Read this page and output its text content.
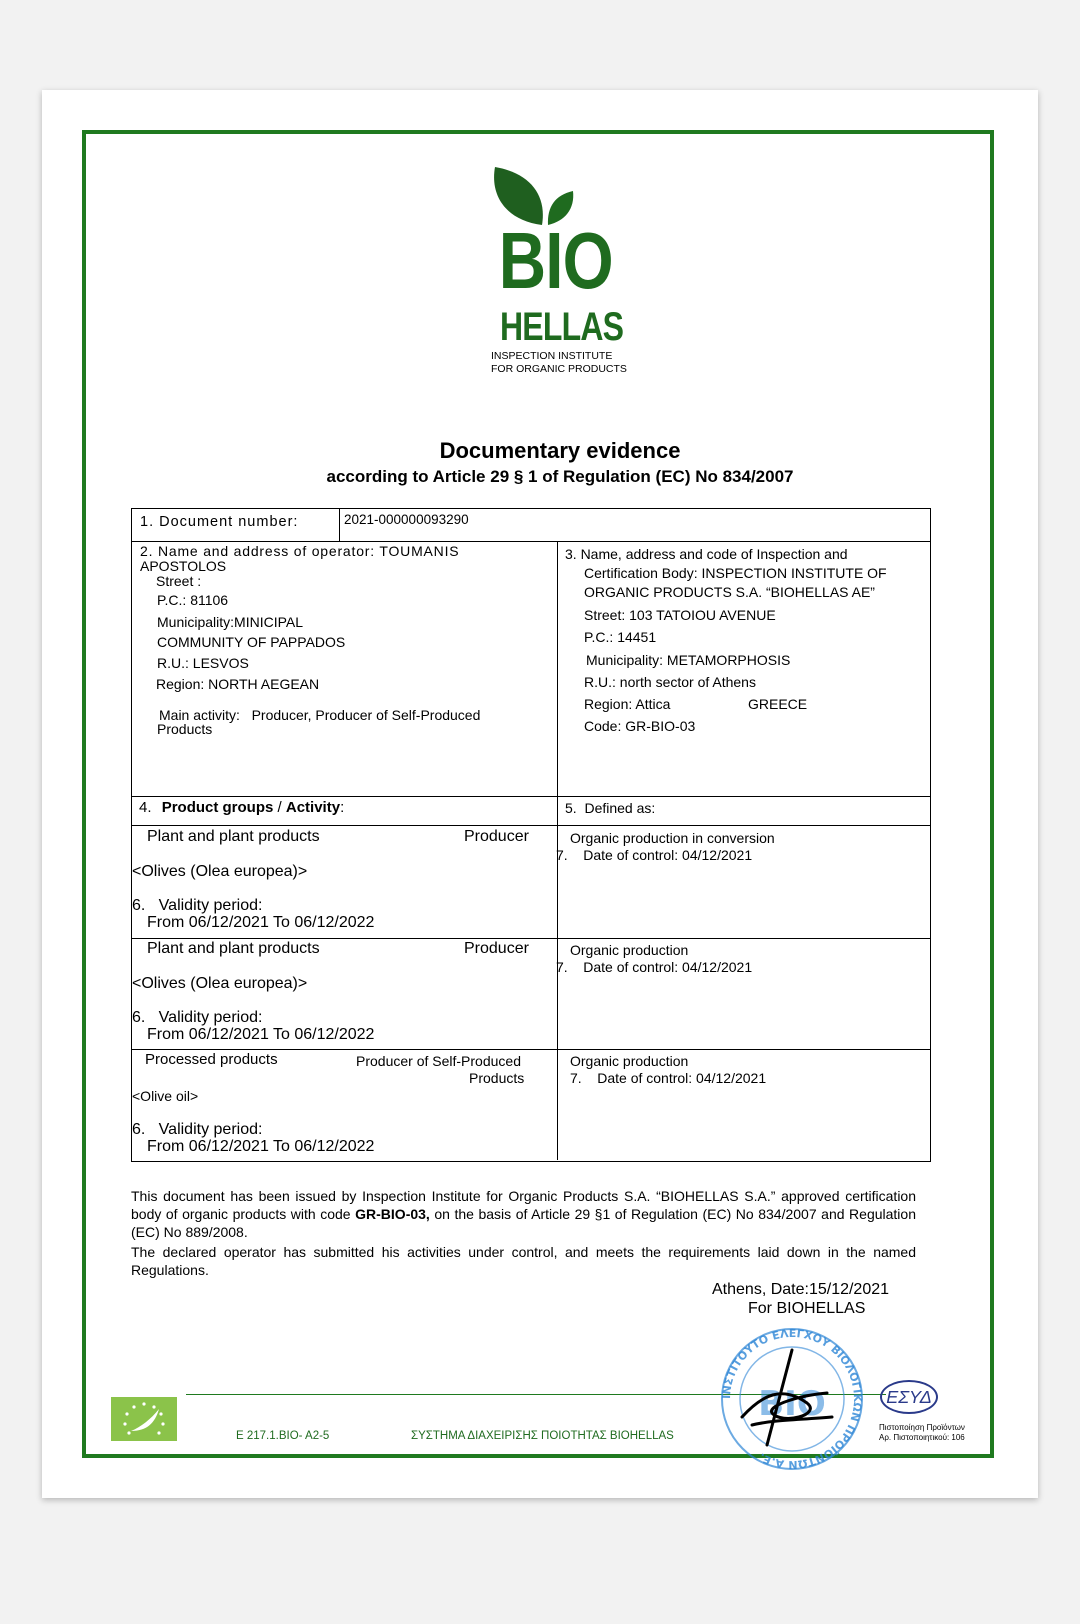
BIO
HELLAS
INSPECTION INSTITUTE
FOR ORGANIC PRODUCTS
Documentary evidence
according to Article 29 § 1 of Regulation (EC) No 834/2007
1. Document number:	2021-000000093290
2. Name and address of operator: TOUMANIS
APOSTOLOS
Street :
P.C.: 81106
Municipality:MINICIPAL
COMMUNITY OF PAPPADOS
R.U.: LESVOS
Region: NORTH AEGEAN
Main activity:   Producer, Producer of Self-Produced
Products
3. Name, address and code of Inspection and
Certification Body: INSPECTION INSTITUTE OF
ORGANIC PRODUCTS S.A. “BIOHELLAS AE”
Street: 103 TATOIOU AVENUE
P.C.: 14451
Municipality: METAMORPHOSIS
R.U.: north sector of Athens
Region: Attica	GREECE
Code: GR-BIO-03
4. Product groups / Activity:	5.  Defined as:
Plant and plant products	Producer
<Olives (Olea europea)>
6.   Validity period:
From 06/12/2021 To 06/12/2022
Organic production in conversion
7.    Date of control: 04/12/2021
Plant and plant products	Producer
<Olives (Olea europea)>
6.   Validity period:
From 06/12/2021 To 06/12/2022
Organic production
7.    Date of control: 04/12/2021
Processed products	Producer of Self-Produced
Products
<Olive oil>
6.   Validity period:
From 06/12/2021 To 06/12/2022
Organic production
7.    Date of control: 04/12/2021
This document has been issued by Inspection Institute for Organic Products S.A. “BIOHELLAS S.A.” approved certification body of organic products with code GR-BIO-03, on the basis of Article 29 §1 of Regulation (EC) No 834/2007 and Regulation (EC) No 889/2008.
The declared operator has submitted his activities under control, and meets the requirements laid down in the named Regulations.
Athens, Date:15/12/2021
For BIOHELLAS
E 217.1.BIO- A2-5	ΣΥΣΤΗΜΑ ΔΙΑΧΕΙΡΙΣΗΣ ΠΟΙΟΤΗΤΑΣ BIOHELLAS
ΙΝΣΤΙΤΟΥΤΟ ΕΛΕΓΧΟΥ ΒΙΟΛΟΓΙΚΩΝ ΠΡΟΪΟΝΤΩΝ Α.Ε.
BIO	ΕΣΥΔ
Πιστοποίηση Προϊόντων
Αρ. Πιστοποιητικού: 106
